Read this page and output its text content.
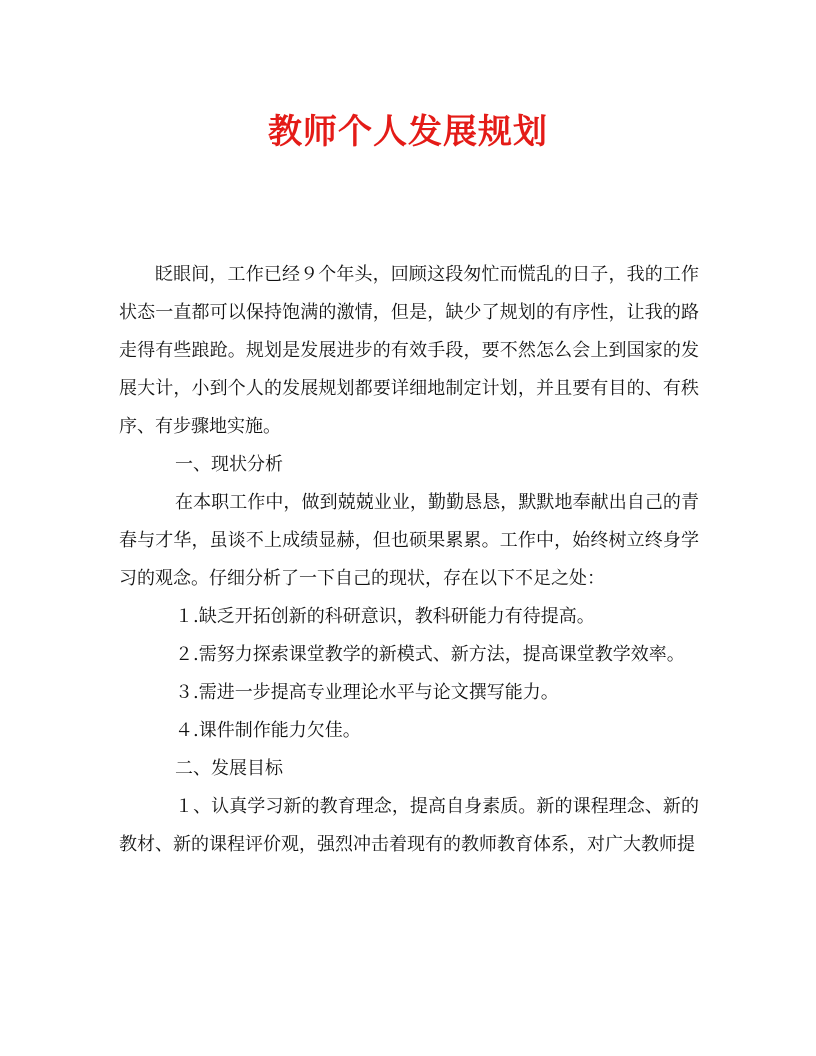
教师个人发展规划

眨眼间，工作已经９个年头，回顾这段匆忙而慌乱的日子，我的工作状态一直都可以保持饱满的激情，但是，缺少了规划的有序性，让我的路走得有些踉跄。规划是发展进步的有效手段，要不然怎么会上到国家的发展大计，小到个人的发展规划都要详细地制定计划，并且要有目的、有秩序、有步骤地实施。

一、现状分析

在本职工作中，做到兢兢业业，勤勤恳恳，默默地奉献出自己的青春与才华，虽谈不上成绩显赫，但也硕果累累。工作中，始终树立终身学习的观念。仔细分析了一下自己的现状，存在以下不足之处：

１.缺乏开拓创新的科研意识，教科研能力有待提高。

２.需努力探索课堂教学的新模式、新方法，提高课堂教学效率。

３.需进一步提高专业理论水平与论文撰写能力。

４.课件制作能力欠佳。

二、发展目标

１、认真学习新的教育理念，提高自身素质。新的课程理念、新的教材、新的课程评价观，强烈冲击着现有的教师教育体系，对广大教师提
